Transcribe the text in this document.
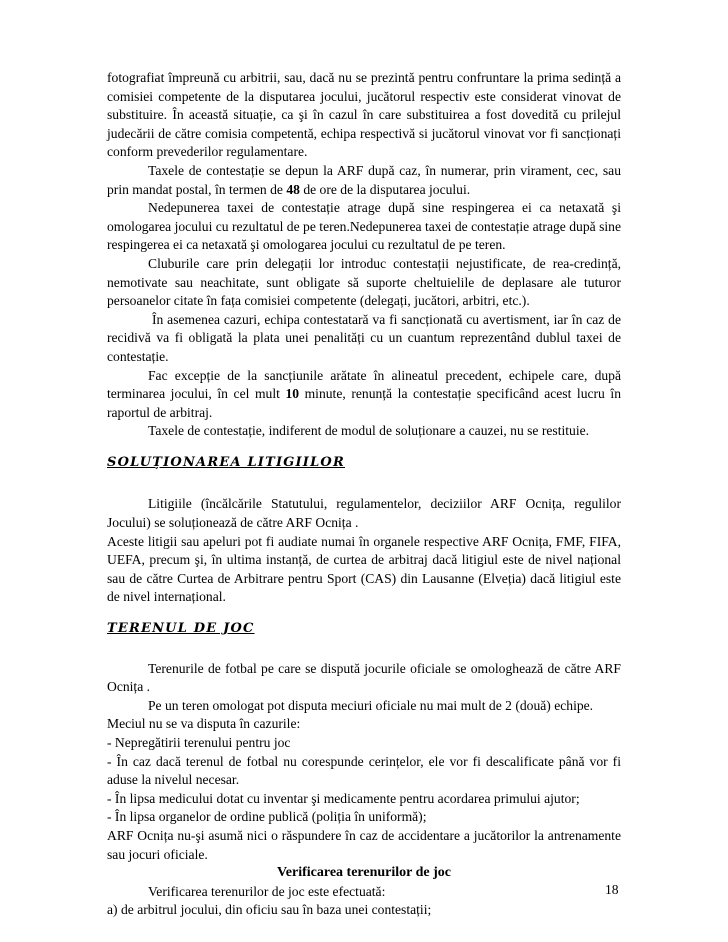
fotografiat împreună cu arbitrii, sau, dacă nu se prezintă pentru confruntare la prima sedință a comisiei competente de la disputarea jocului, jucătorul respectiv este considerat vinovat de substituire. În această situație, ca şi în cazul în care substituirea a fost dovedită cu prilejul judecării de către comisia competentă, echipa respectivă si jucătorul vinovat vor fi sancționați conform prevederilor regulamentare.

Taxele de contestație se depun la ARF după caz, în numerar, prin virament, cec, sau prin mandat postal, în termen de 48 de ore de la disputarea jocului.

Nedepunerea taxei de contestație atrage după sine respingerea ei ca netaxată şi omologarea jocului cu rezultatul de pe teren.Nedepunerea taxei de contestație atrage după sine respingerea ei ca netaxată şi omologarea jocului cu rezultatul de pe teren.

Cluburile care prin delegații lor introduc contestații nejustificate, de rea-credință, nemotivate sau neachitate, sunt obligate să suporte cheltuielile de deplasare ale tuturor persoanelor citate în fața comisiei competente (delegați, jucători, arbitri, etc.).

În asemenea cazuri, echipa contestatară va fi sancționată cu avertisment, iar în caz de recidivă va fi obligată la plata unei penalități cu un cuantum reprezentând dublul taxei de contestație.

Fac excepție de la sancțiunile arătate în alineatul precedent, echipele care, după terminarea jocului, în cel mult 10 minute, renunță la contestație specificând acest lucru în raportul de arbitraj.

Taxele de contestație, indiferent de modul de soluționare a cauzei, nu se restituie.

SOLUȚIONAREA LITIGIILOR

Litigiile (încălcările Statutului, regulamentelor, deciziilor ARF Ocnița, regulilor Jocului) se soluționează de către ARF Ocnița .

Aceste litigii sau apeluri pot fi audiate numai în organele respective ARF Ocnița, FMF, FIFA, UEFA, precum şi, în ultima instanță, de curtea de arbitraj dacă litigiul este de nivel național sau de către Curtea de Arbitrare pentru Sport (CAS) din Lausanne (Elveția) dacă litigiul este de nivel internațional.

TERENUL DE JOC

Terenurile de fotbal pe care se dispută jocurile oficiale se omologhează de către ARF Ocnița .

Pe un teren omologat pot disputa meciuri oficiale nu mai mult de 2 (două) echipe.

Meciul nu se va disputa în cazurile:

- Nepregătirii terenului pentru joc

- În caz dacă terenul de fotbal nu corespunde cerințelor, ele vor fi descalificate până vor fi aduse la nivelul necesar.

- În lipsa medicului dotat cu inventar şi medicamente pentru acordarea primului ajutor;

- În lipsa organelor de ordine publică (poliția în uniformă);

ARF Ocnița nu-şi asumă nici o răspundere în caz de accidentare a jucătorilor la antrenamente sau jocuri oficiale.

Verificarea terenurilor de joc

Verificarea terenurilor de joc este efectuată:

a) de arbitrul jocului, din oficiu sau în baza unei contestații;

18
